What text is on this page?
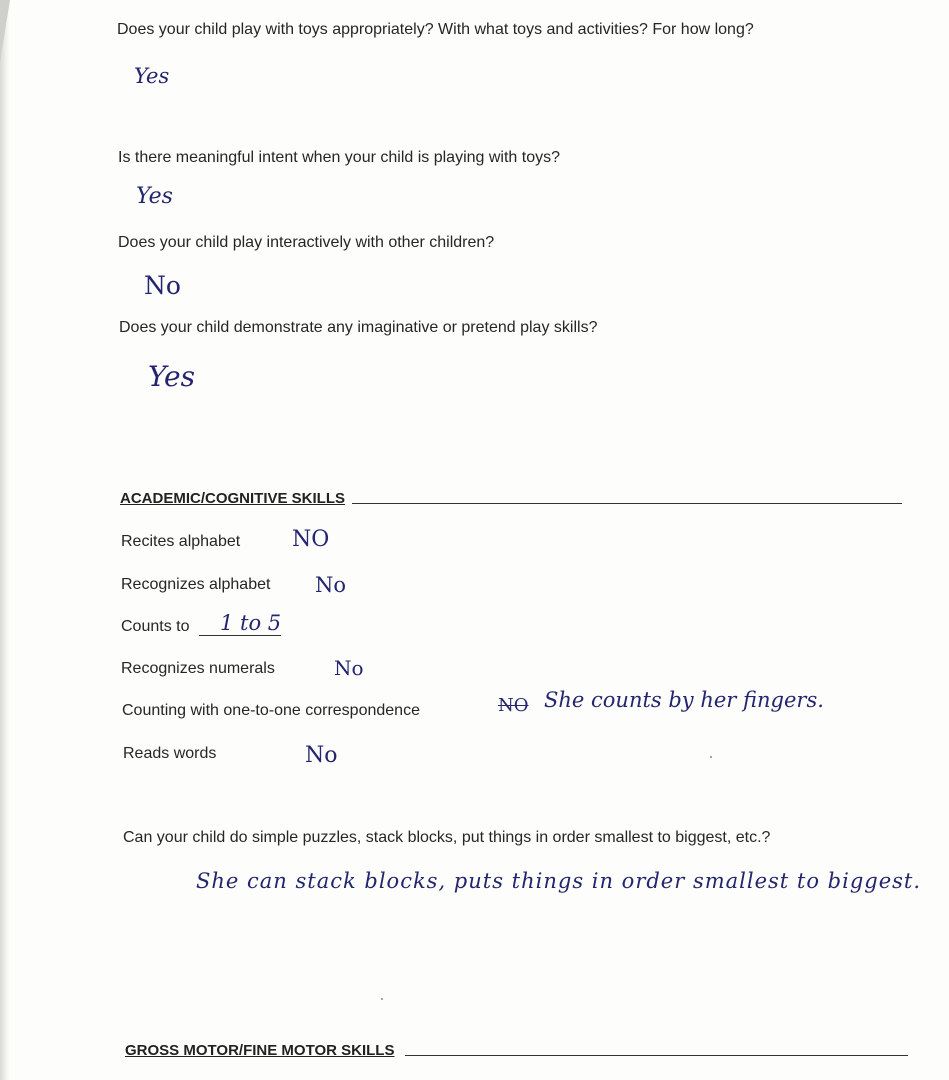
Does your child play with toys appropriately? With what toys and activities? For how long?
Yes
Is there meaningful intent when your child is playing with toys?
Yes
Does your child play interactively with other children?
No
Does your child demonstrate any imaginative or pretend play skills?
Yes
ACADEMIC/COGNITIVE SKILLS
Recites alphabet NO
Recognizes alphabet No
Counts to 1 to 5
Recognizes numerals	No
Counting with one-to-one correspondence	NO She counts by her fingers.
Reads words	No
Can your child do simple puzzles, stack blocks, put things in order smallest to biggest, etc.?
She can stack blocks, puts things in order smallest to biggest.
GROSS MOTOR/FINE MOTOR SKILLS
